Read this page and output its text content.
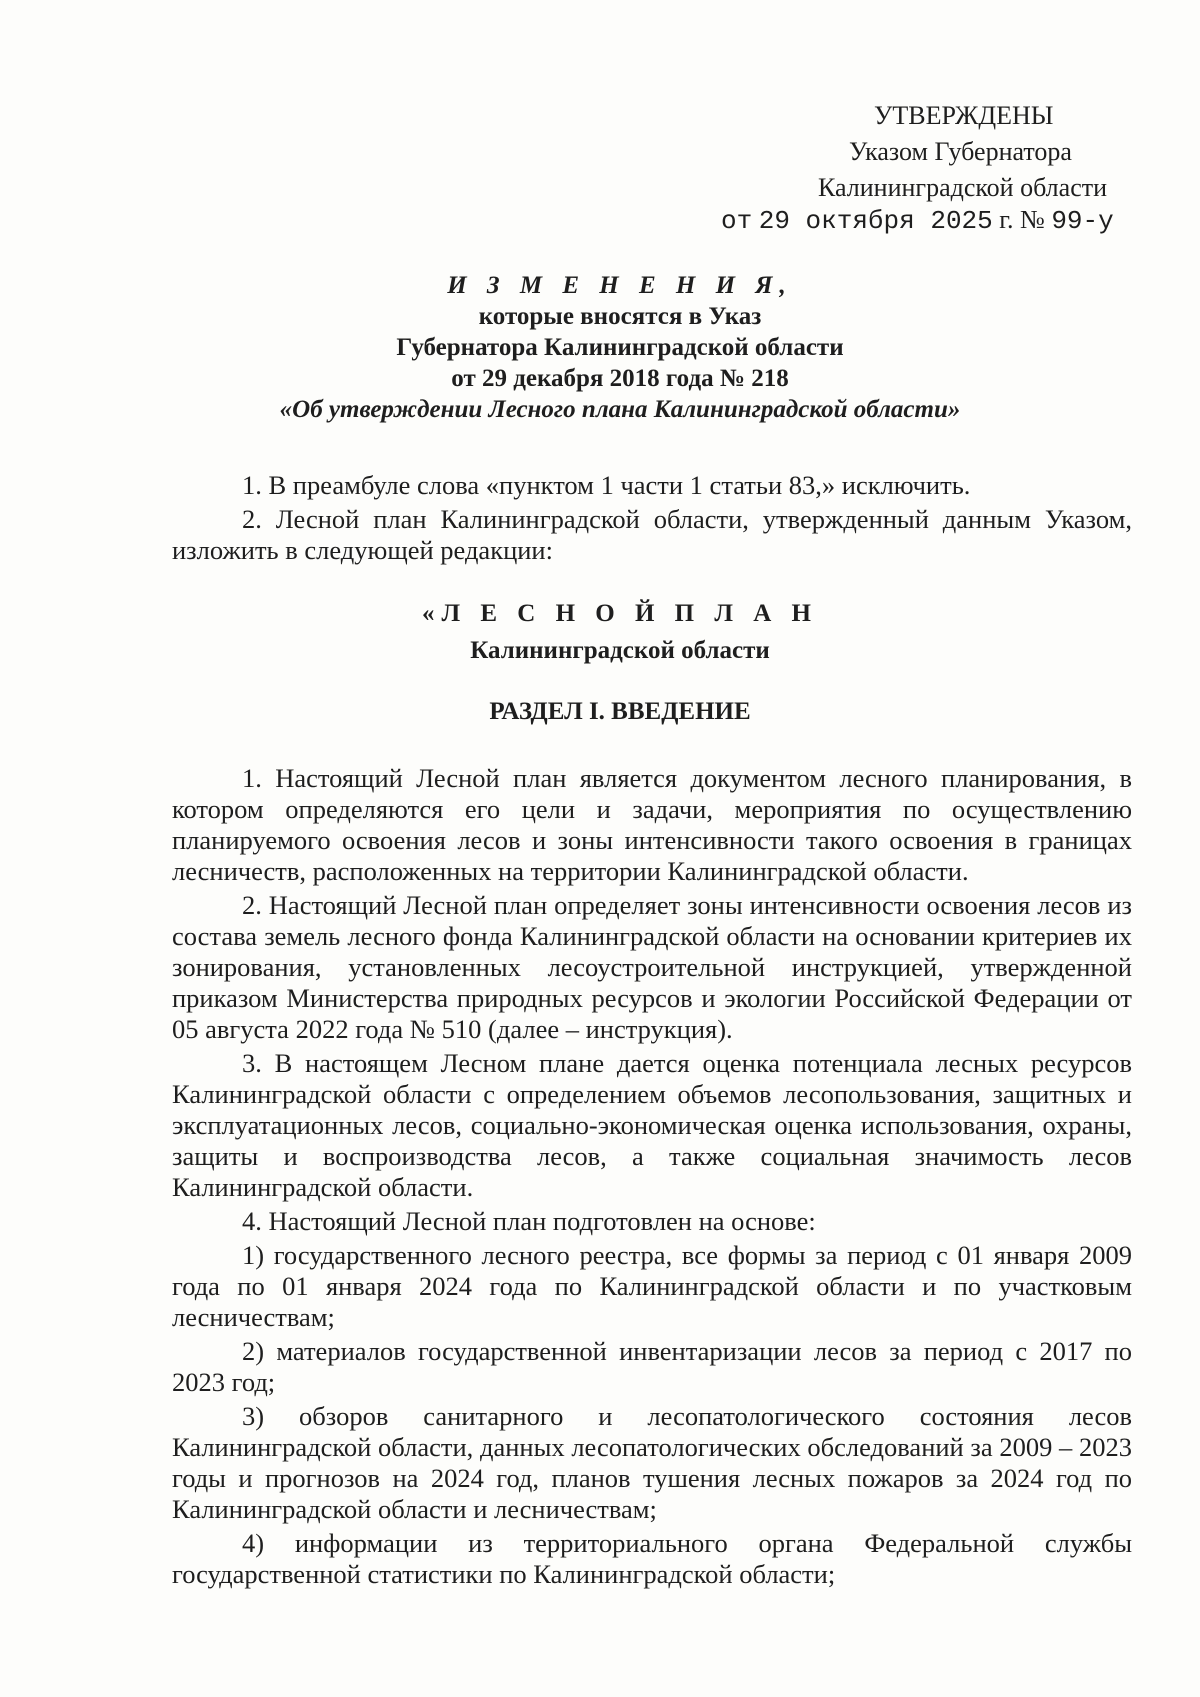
УТВЕРЖДЕНЫ
Указом Губернатора
Калининградской области
от 29 октября 2025 г. № 99-у
И З М Е Н Е Н И Я,
которые вносятся в Указ
Губернатора Калининградской области
от 29 декабря 2018 года № 218
«Об утверждении Лесного плана Калининградской области»

1. В преамбуле слова «пунктом 1 части 1 статьи 83,» исключить.

2. Лесной план Калининградской области, утвержденный данным Указом, изложить в следующей редакции:

«Л Е С Н О Й П Л А Н
Калининградской области
РАЗДЕЛ I. ВВЕДЕНИЕ

1. Настоящий Лесной план является документом лесного планирования, в котором определяются его цели и задачи, мероприятия по осуществлению планируемого освоения лесов и зоны интенсивности такого освоения в границах лесничеств, расположенных на территории Калининградской области.

2. Настоящий Лесной план определяет зоны интенсивности освоения лесов из состава земель лесного фонда Калининградской области на основании критериев их зонирования, установленных лесоустроительной инструкцией, утвержденной приказом Министерства природных ресурсов и экологии Российской Федерации от 05 августа 2022 года № 510 (далее – инструкция).

3. В настоящем Лесном плане дается оценка потенциала лесных ресурсов Калининградской области с определением объемов лесопользования, защитных и эксплуатационных лесов, социально-экономическая оценка использования, охраны, защиты и воспроизводства лесов, а также социальная значимость лесов Калининградской области.

4. Настоящий Лесной план подготовлен на основе:

1) государственного лесного реестра, все формы за период с 01 января 2009 года по 01 января 2024 года по Калининградской области и по участковым лесничествам;

2) материалов государственной инвентаризации лесов за период с 2017 по 2023 год;

3) обзоров санитарного и лесопатологического состояния лесов Калининградской области, данных лесопатологических обследований за 2009 – 2023 годы и прогнозов на 2024 год, планов тушения лесных пожаров за 2024 год по Калининградской области и лесничествам;

4) информации из территориального органа Федеральной службы государственной статистики по Калининградской области;
